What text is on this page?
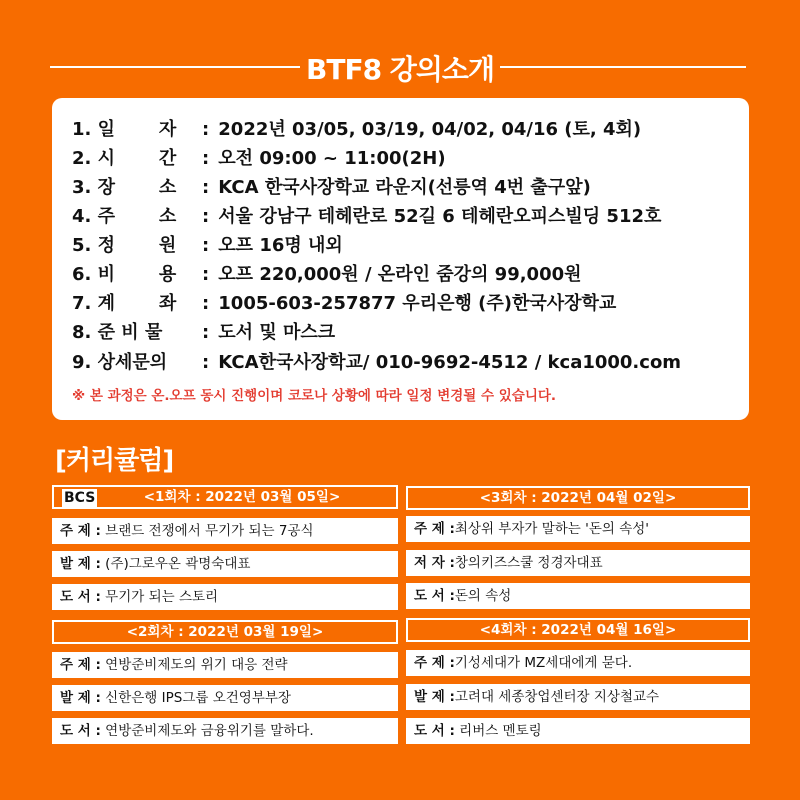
BTF8 강의소개
1. 일       자 : 2022년 03/05, 03/19, 04/02, 04/16 (토, 4회)
2. 시       간 : 오전 09:00 ~ 11:00(2H)
3. 장       소 : KCA 한국사장학교 라운지(선릉역 4번 출구앞)
4. 주       소 : 서울 강남구 테헤란로 52길 6 테헤란오피스빌딩 512호
5. 정       원 : 오프 16명 내외
6. 비       용 : 오프 220,000원 / 온라인 줌강의 99,000원
7. 계       좌 : 1005-603-257877 우리은행 (주)한국사장학교
8. 준 비 물 : 도서 및 마스크
9. 상세문의 : KCA한국사장학교/ 010-9692-4512 / kca1000.com
※ 본 과정은 온.오프 동시 진행이며 코로나 상황에 따라 일정 변경될 수 있습니다.
[커리큘럼]
BCS	<1회차 : 2022년 03월 05일>
주 제 : 브랜드 전쟁에서 무기가 되는 7공식
발 제 : (주)그로우온 곽명숙대표
도 서 : 무기가 되는 스토리
<2회차 : 2022년 03월 19일>
주 제 : 연방준비제도의 위기 대응 전략
발 제 : 신한은행 IPS그룹 오건영부부장
도 서 : 연방준비제도와 금융위기를 말하다.
<3회차 : 2022년 04월 02일>
주 제 :최상위 부자가 말하는 '돈의 속성'
저 자 :창의키즈스쿨 정경자대표
도 서 :돈의 속성
<4회차 : 2022년 04월 16일>
주 제 :기성세대가 MZ세대에게 묻다.
발 제 :고려대 세종창업센터장 지상철교수
도 서 : 리버스 멘토링
